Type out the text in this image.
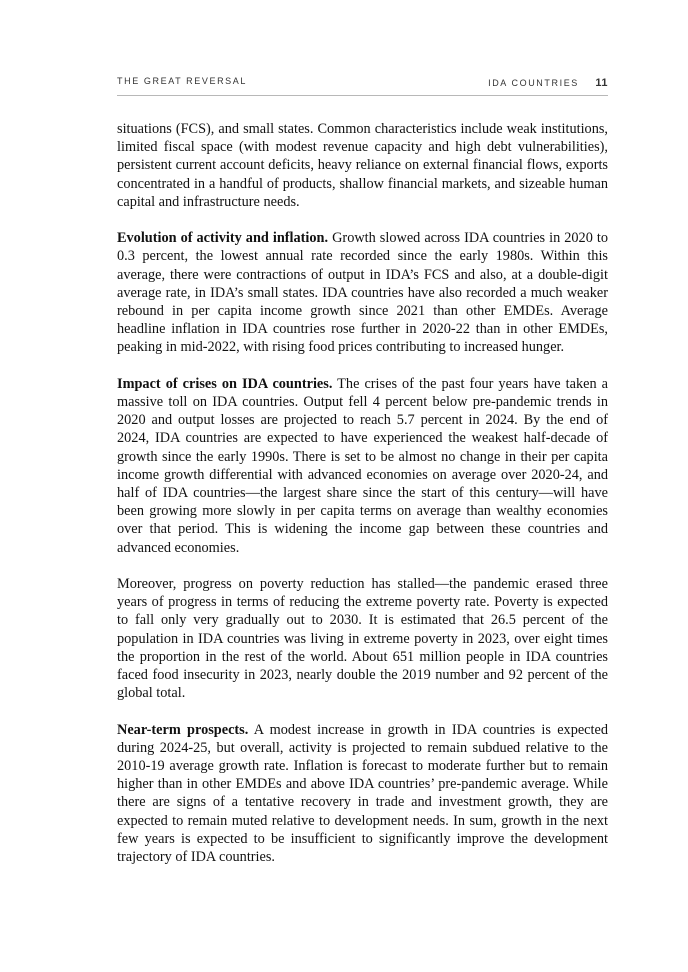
THE GREAT REVERSAL	IDA COUNTRIES 11

situations (FCS), and small states. Common characteristics include weak institutions, limited fiscal space (with modest revenue capacity and high debt vulnerabilities), persistent current account deficits, heavy reliance on external financial flows, exports concentrated in a handful of products, shallow financial markets, and sizeable human capital and infrastructure needs.

Evolution of activity and inflation. Growth slowed across IDA countries in 2020 to 0.3 percent, the lowest annual rate recorded since the early 1980s. Within this average, there were contractions of output in IDA’s FCS and also, at a double-digit average rate, in IDA’s small states. IDA countries have also recorded a much weaker rebound in per capita income growth since 2021 than other EMDEs. Average headline inflation in IDA countries rose further in 2020-22 than in other EMDEs, peaking in mid-2022, with rising food prices contributing to increased hunger.

Impact of crises on IDA countries. The crises of the past four years have taken a massive toll on IDA countries. Output fell 4 percent below pre-pandemic trends in 2020 and output losses are projected to reach 5.7 percent in 2024. By the end of 2024, IDA countries are expected to have experienced the weakest half-decade of growth since the early 1990s. There is set to be almost no change in their per capita income growth differential with advanced economies on average over 2020-24, and half of IDA countries—the largest share since the start of this century—will have been growing more slowly in per capita terms on average than wealthy economies over that period. This is widening the income gap between these countries and advanced economies.

Moreover, progress on poverty reduction has stalled—the pandemic erased three years of progress in terms of reducing the extreme poverty rate. Poverty is expected to fall only very gradually out to 2030. It is estimated that 26.5 percent of the population in IDA countries was living in extreme poverty in 2023, over eight times the proportion in the rest of the world. About 651 million people in IDA countries faced food insecurity in 2023, nearly double the 2019 number and 92 percent of the global total.

Near-term prospects. A modest increase in growth in IDA countries is expected during 2024-25, but overall, activity is projected to remain subdued relative to the 2010-19 average growth rate. Inflation is forecast to moderate further but to remain higher than in other EMDEs and above IDA countries’ pre-pandemic average. While there are signs of a tentative recovery in trade and investment growth, they are expected to remain muted relative to development needs. In sum, growth in the next few years is expected to be insufficient to significantly improve the development trajectory of IDA countries.
